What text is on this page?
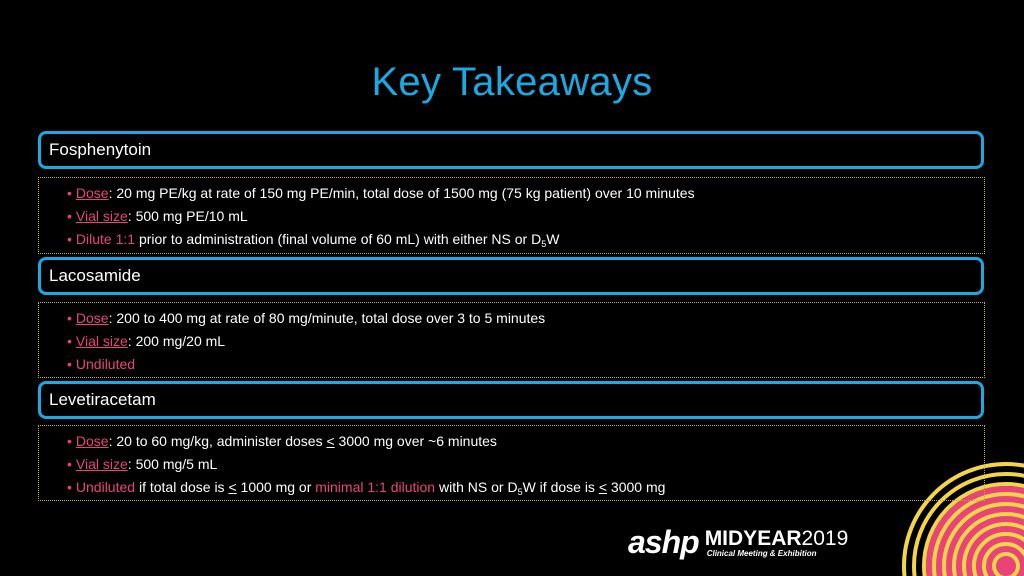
Key Takeaways
Fosphenytoin
• Dose: 20 mg PE/kg at rate of 150 mg PE/min, total dose of 1500 mg (75 kg patient) over 10 minutes
• Vial size: 500 mg PE/10 mL
• Dilute 1:1 prior to administration (final volume of 60 mL) with either NS or $D_5W$
Lacosamide
• Dose: 200 to 400 mg at rate of 80 mg/minute, total dose over 3 to 5 minutes
• Vial size: 200 mg/20 mL
• Undiluted
Levetiracetam
• Dose: 20 to 60 mg/kg, administer doses ≤ 3000 mg over ~6 minutes
• Vial size: 500 mg/5 mL
• Undiluted if total dose is ≤ 1000 mg or minimal 1:1 dilution with NS or $D_5W$ if dose is ≤ 3000 mg
ashp MIDYEAR2019
Clinical Meeting & Exhibition
